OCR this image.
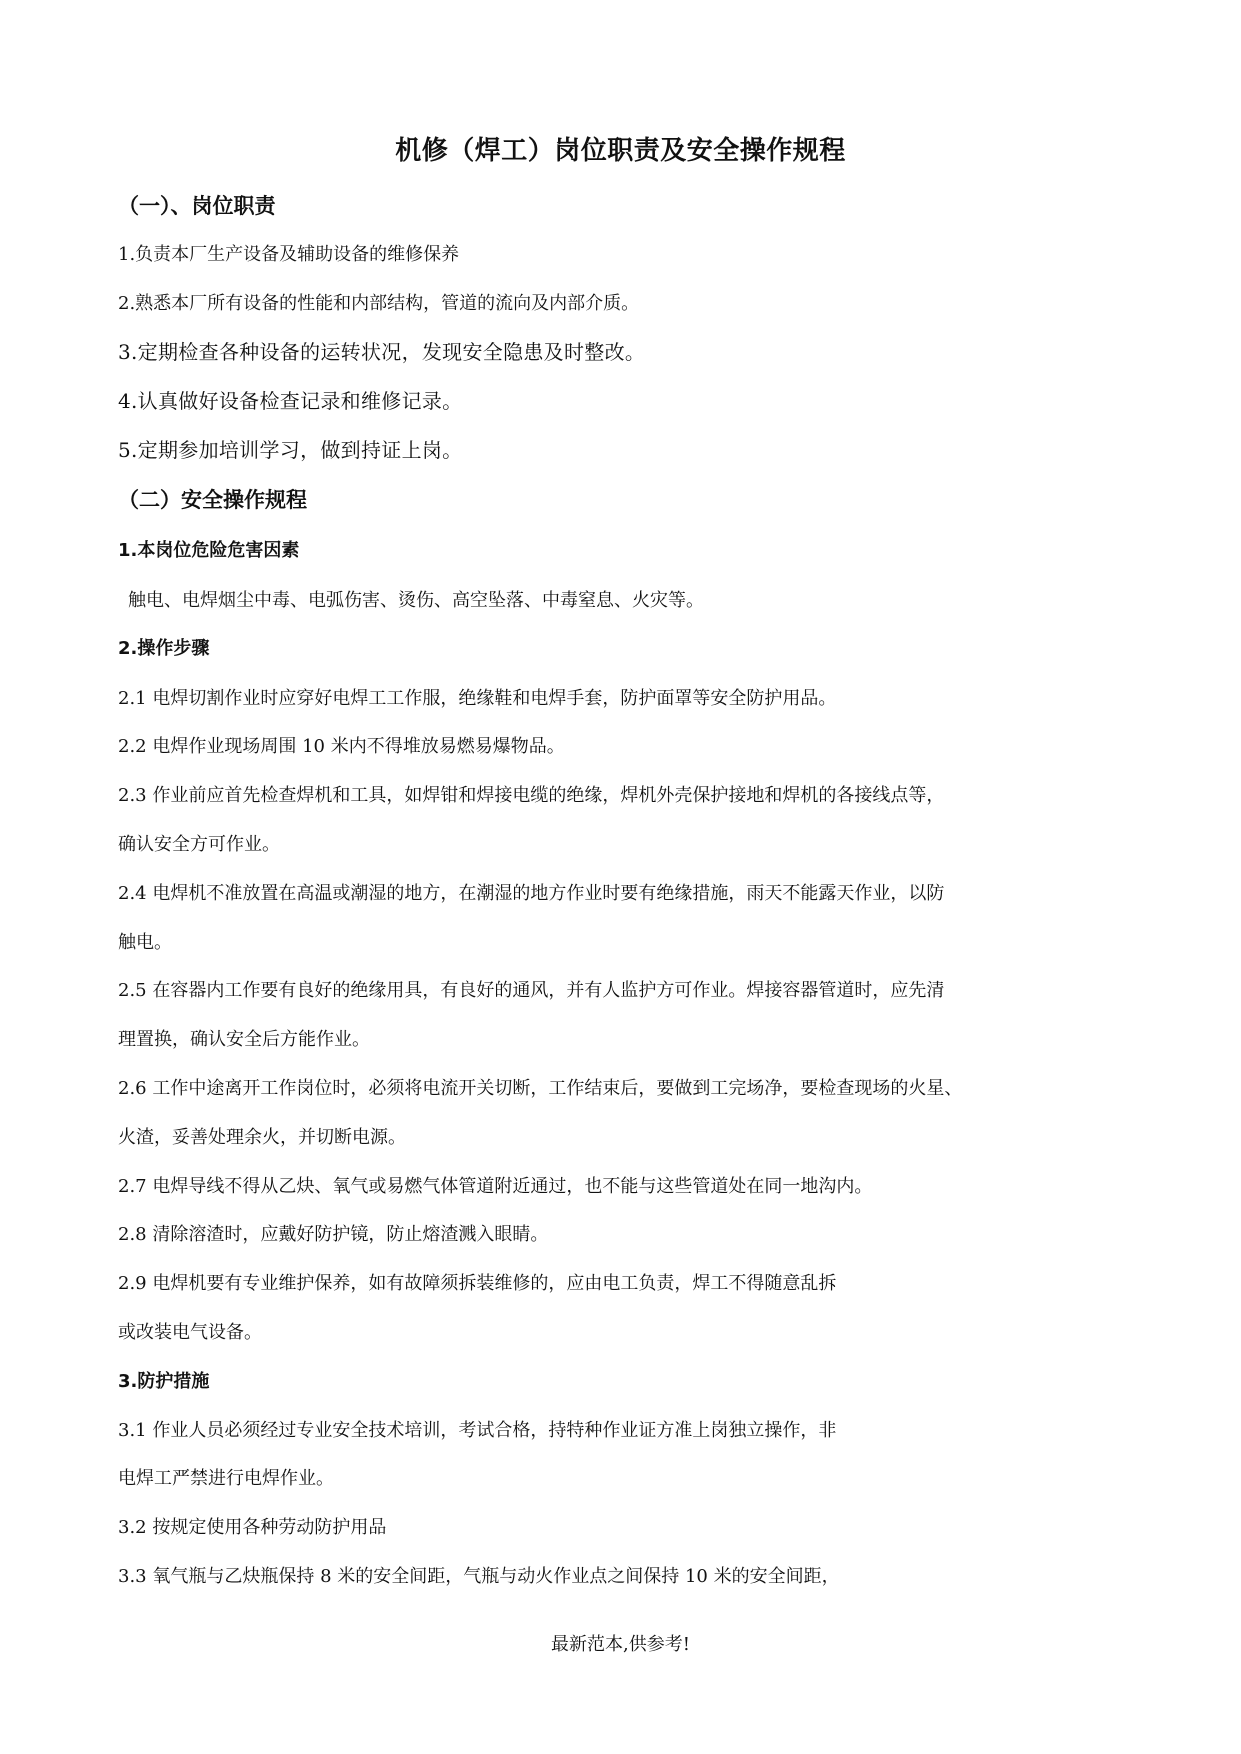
机修（焊工）岗位职责及安全操作规程
（一）、岗位职责
1.负责本厂生产设备及辅助设备的维修保养
2.熟悉本厂所有设备的性能和内部结构，管道的流向及内部介质。
3.定期检查各种设备的运转状况，发现安全隐患及时整改。
4.认真做好设备检查记录和维修记录。
5.定期参加培训学习，做到持证上岗。
（二）安全操作规程
1.本岗位危险危害因素
触电、电焊烟尘中毒、电弧伤害、烫伤、高空坠落、中毒窒息、火灾等。
2.操作步骤
2.1 电焊切割作业时应穿好电焊工工作服，绝缘鞋和电焊手套，防护面罩等安全防护用品。
2.2 电焊作业现场周围 10 米内不得堆放易燃易爆物品。
2.3 作业前应首先检查焊机和工具，如焊钳和焊接电缆的绝缘，焊机外壳保护接地和焊机的各接线点等，
确认安全方可作业。
2.4 电焊机不准放置在高温或潮湿的地方，在潮湿的地方作业时要有绝缘措施，雨天不能露天作业，以防
触电。
2.5 在容器内工作要有良好的绝缘用具，有良好的通风，并有人监护方可作业。焊接容器管道时，应先清
理置换，确认安全后方能作业。
2.6 工作中途离开工作岗位时，必须将电流开关切断，工作结束后，要做到工完场净，要检查现场的火星、
火渣，妥善处理余火，并切断电源。
2.7 电焊导线不得从乙炔、氧气或易燃气体管道附近通过，也不能与这些管道处在同一地沟内。
2.8 清除溶渣时，应戴好防护镜，防止熔渣溅入眼睛。
2.9 电焊机要有专业维护保养，如有故障须拆装维修的，应由电工负责，焊工不得随意乱拆
或改装电气设备。
3.防护措施
3.1 作业人员必须经过专业安全技术培训，考试合格，持特种作业证方准上岗独立操作，非
电焊工严禁进行电焊作业。
3.2 按规定使用各种劳动防护用品
3.3 氧气瓶与乙炔瓶保持 8 米的安全间距，气瓶与动火作业点之间保持 10 米的安全间距，
最新范本,供参考!
